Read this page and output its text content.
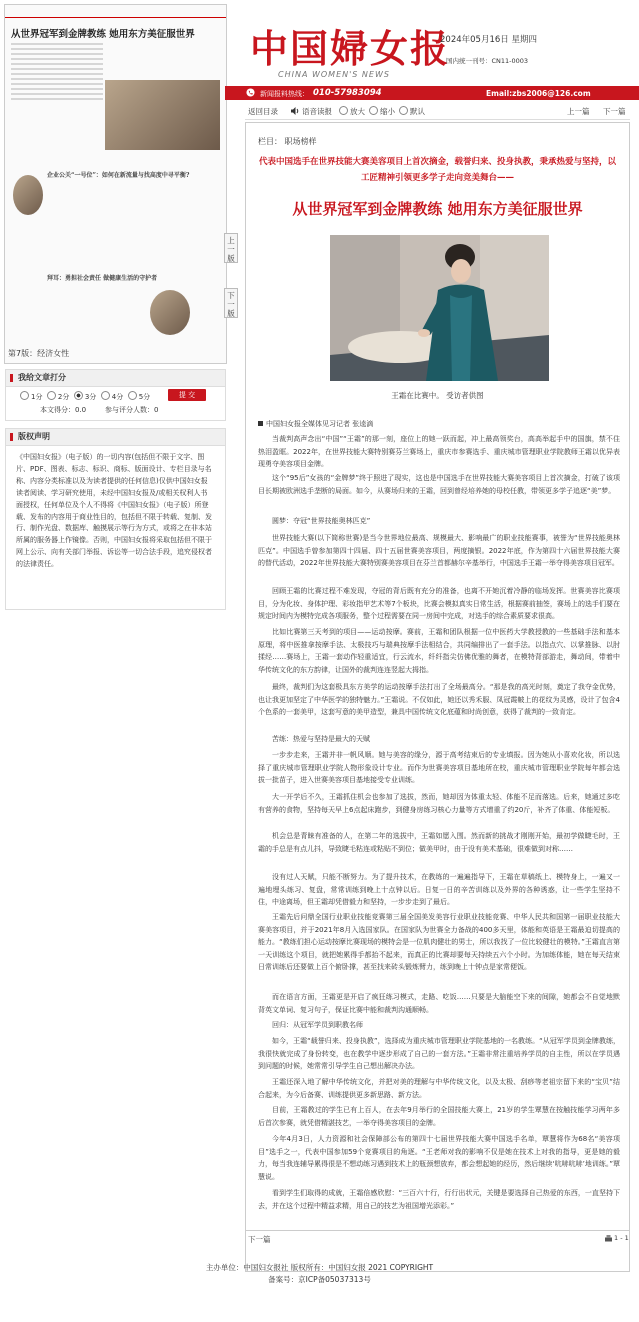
从世界冠军到金牌教练 她用东方美征服世界
企业公关“一号位”：如何在新流量与找高度中寻平衡?
拜耳：勇担社会责任 做健康生活的守护者
第7版：经济女性
中国婦女报
CHINA WOMEN'S NEWS
2024年05月16日 星期四
国内统一刊号：CN11-0003
新闻报料热线： 010-57983094	Email:zbs2006@126.com
返回目录	语音读报	放大	缩小	默认	上一篇 下一篇
上一版
下一版
我给文章打分
1分 2分 3分 4分 5分	提 交
本文得分：0.0	参与评分人数：0
版权声明
《中国妇女报》（电子版）的一切内容(包括但不限于文字、图片、PDF、图表、标志、标识、商标、版面设计、专栏目录与名称、内容分类标准以及为读者提供的任何信息)仅供中国妇女报读者阅读、学习研究使用，未经中国妇女报及/或相关权利人书面授权，任何单位及个人不得将《中国妇女报》（电子版）所登载、发布的内容用于商业性目的，包括但不限于转载、复制、发行、制作光盘、数据库、触摸展示等行为方式，或将之在非本站所属的服务器上作镜像。否则，中国妇女报将采取包括但不限于网上公示、向有关部门举报、诉讼等一切合法手段，追究侵权者的法律责任。
栏目： 职场榜样
代表中国选手在世界技能大赛美容项目上首次摘金，载誉归来、投身执教，秉承热爱与坚持，以工匠精神引领更多学子走向竞美舞台——
从世界冠军到金牌教练 她用东方美征服世界
王霜在比赛中。 受访者供图

中国妇女报全媒体见习记者 张逵滴

当裁判高声念出“中国”“王霜”的那一刻，座位上的她一跃而起，冲上最高领奖台，高高举起手中的国旗，禁不住热泪盈眶。2022年，在世界技能大赛特别赛芬兰赛场上，重庆市参赛选手、重庆城市管理职业学院教师王霜以优异表现勇夺美容项目金牌。

这个“95后”女孩的“金牌梦”终于照进了现实，这也是中国选手在世界技能大赛美容项目上首次摘金，打破了该项目长期被欧洲选手垄断的局面。如今，从赛场归来的王霜，回到曾经培养她的母校任教，带领更多学子追逐“美”梦。

圆梦：夺冠“世界技能奥林匹克”

世界技能大赛(以下简称世赛)是当今世界地位最高、规模最大、影响最广的职业技能赛事，被誉为“世界技能奥林匹克”。中国选手曾参加第四十四届、四十五届世赛美容项目，两度摘银。2022年底，作为第四十六届世界技能大赛的替代活动，2022年世界技能大赛特别赛美容项目在芬兰首都赫尔辛基举行，中国选手王霜一举夺得美容项目冠军。

回顾王霜的比赛过程不难发现，夺冠的背后既有充分的准备，也离不开她沉着冷静的临场发挥。世赛美容比赛项目，分为化妆、身体护理、彩妆指甲艺术等7个板块，比赛会模拟真实日常生活，根据赛前抽签，赛场上的选手们要在规定时间内为模特完成各项服务，整个过程需要在同一房间中完成，对选手的综合素质要求很高。

比如比赛第三天考到的项目——运动按摩。赛前，王霜和团队根据一位中医药大学教授教的一些基础手法和基本原理，将中医推拿按摩手法、太极技巧与瑞典按摩手法相结合，共同编排出了一套手法。以指点穴、以掌推脉、以肘揉经……赛场上，王霜一套动作轻重适宜，行云流水，纤纤指尖仿佛优雅的舞者，在模特背部游走，舞动间，带着中华传统文化的东方韵律，让国外的裁判连连竖起大拇指。

最终，裁判们为这套极具东方美学的运动按摩手法打出了全场最高分。“那是我的高光时刻，奠定了我夺金优势，也让我更加坚定了中华医学的独特魅力。”王霜说。不仅如此，她还以秀禾服、凤冠霞帔上的花纹为灵感，设计了包含4个色系的一套美甲，这套写意的美甲造型，兼具中国传统文化底蕴和时尚创意，获得了裁判的一致肯定。

苦练：热爱与坚持是最大的天赋

一步步走来，王霜并非一帆风顺。她与美容的缘分，源于高考结束后的专业填报。因为她从小喜欢化妆，所以选择了重庆城市管理职业学院人物形象设计专业。而作为世赛美容项目基地所在校，重庆城市管理职业学院每年都会选拔一批苗子，进入世赛美容项目基地接受专业训练。

大一开学后不久，王霜抓住机会也参加了选拔，然而，她却因为体重太轻、体能不足而落选。后来，她通过多吃有营养的食物，坚持每天早上6点起床跑步，到健身房练习核心力量等方式增重了约20斤，补齐了体重、体能短板。

机会总是青睐有准备的人，在第二年的选拔中，王霜如愿入围。然而新的挑战才刚刚开始，最初学做睫毛时，王霜的手总是有点儿抖，导致睫毛粘连或粘贴不到位；做美甲时，由于没有美术基础，很难做到对称……

没有过人天赋，只能不断努力。为了提升技术，在教练的一遍遍指导下，王霜在草稿纸上、模特身上，一遍又一遍地埋头练习、复盘，常常训练到晚上十点钟以后。日复一日的辛苦训练以及外界的各种诱惑，让一些学生坚持不住，中途离场，但王霜却凭借毅力和坚持，一步步走到了最后。

王霜先后问鼎全国行业职业技能竞赛第三届全国美发美容行业职业技能竞赛、中华人民共和国第一届职业技能大赛美容项目，并于2021年8月入选国家队。在国家队为世赛全力备战的400多天里，体能和英语是王霜最迫切提高的能力。“教练们担心运动按摩比赛现场的模特会是一位肌肉健壮的男士，所以我找了一位比较健壮的模特。”王霜直言第一天训练这个项目，就把她累得手都抬不起来，而真正的比赛却要每天持续五六个小时。为加练体能，她在每天结束日常训练后还要做上百个俯卧撑，甚至找来砖头锻炼臂力，练到晚上十钟点是家常便饭。

而在语言方面，王霜更是开启了疯狂练习模式，走路、吃饭……只要是大脑能空下来的间隙，她都会不自觉地默背英文单词、复习句子，保证比赛中能和裁判沟通顺畅。

回归：从冠军学员到职教名师

如今，王霜“载誉归来、投身执教”，选择成为重庆城市管理职业学院基地的一名教练。“从冠军学员到金牌教练，我很快就完成了身份转变，也在教学中逐步形成了自己的一套方法。”王霜非常注重培养学员的自主性，所以在学员遇到问题的时候，她常常引导学生自己想出解决办法。

王霜还深入地了解中华传统文化，并把对美的理解与中华传统文化，以及太极、刮痧等老祖宗留下来的“宝贝”结合起来，为今后备赛、训练提供更多新思路、新方法。

目前，王霜教过的学生已有上百人，在去年9月举行的全国技能大赛上，21岁的学生覃慧在按触技能学习两年多后首次参赛，就凭借精湛技艺，一举夺得美容项目的金牌。

今年4月3日，人力资源和社会保障部公布的第四十七届世界技能大赛中国选手名单，覃慧将作为68名“美容项目”选手之一，代表中国参加59个竞赛项目的角逐。“王老师对我的影响不仅是她在技术上对我的指导，更是她的毅力，每当我连辅导累得很是不想动练习遇到技术上的瓶颈想放弃，都会想起她的经历，然后继续‘吭哧吭哧’地训练。”覃慧说。

看到学生们取得的成就，王霜倍感欣慰：“三百六十行，行行出状元，关键是要选择自己热爱的东西，一直坚持下去，并在这个过程中精益求精，用自己的技艺为祖国增光添彩。”

下一篇	1 - 1
主办单位：中国妇女报社 版权所有：中国妇女报 2021 COPYRIGHT
备案号：京ICP备05037313号
